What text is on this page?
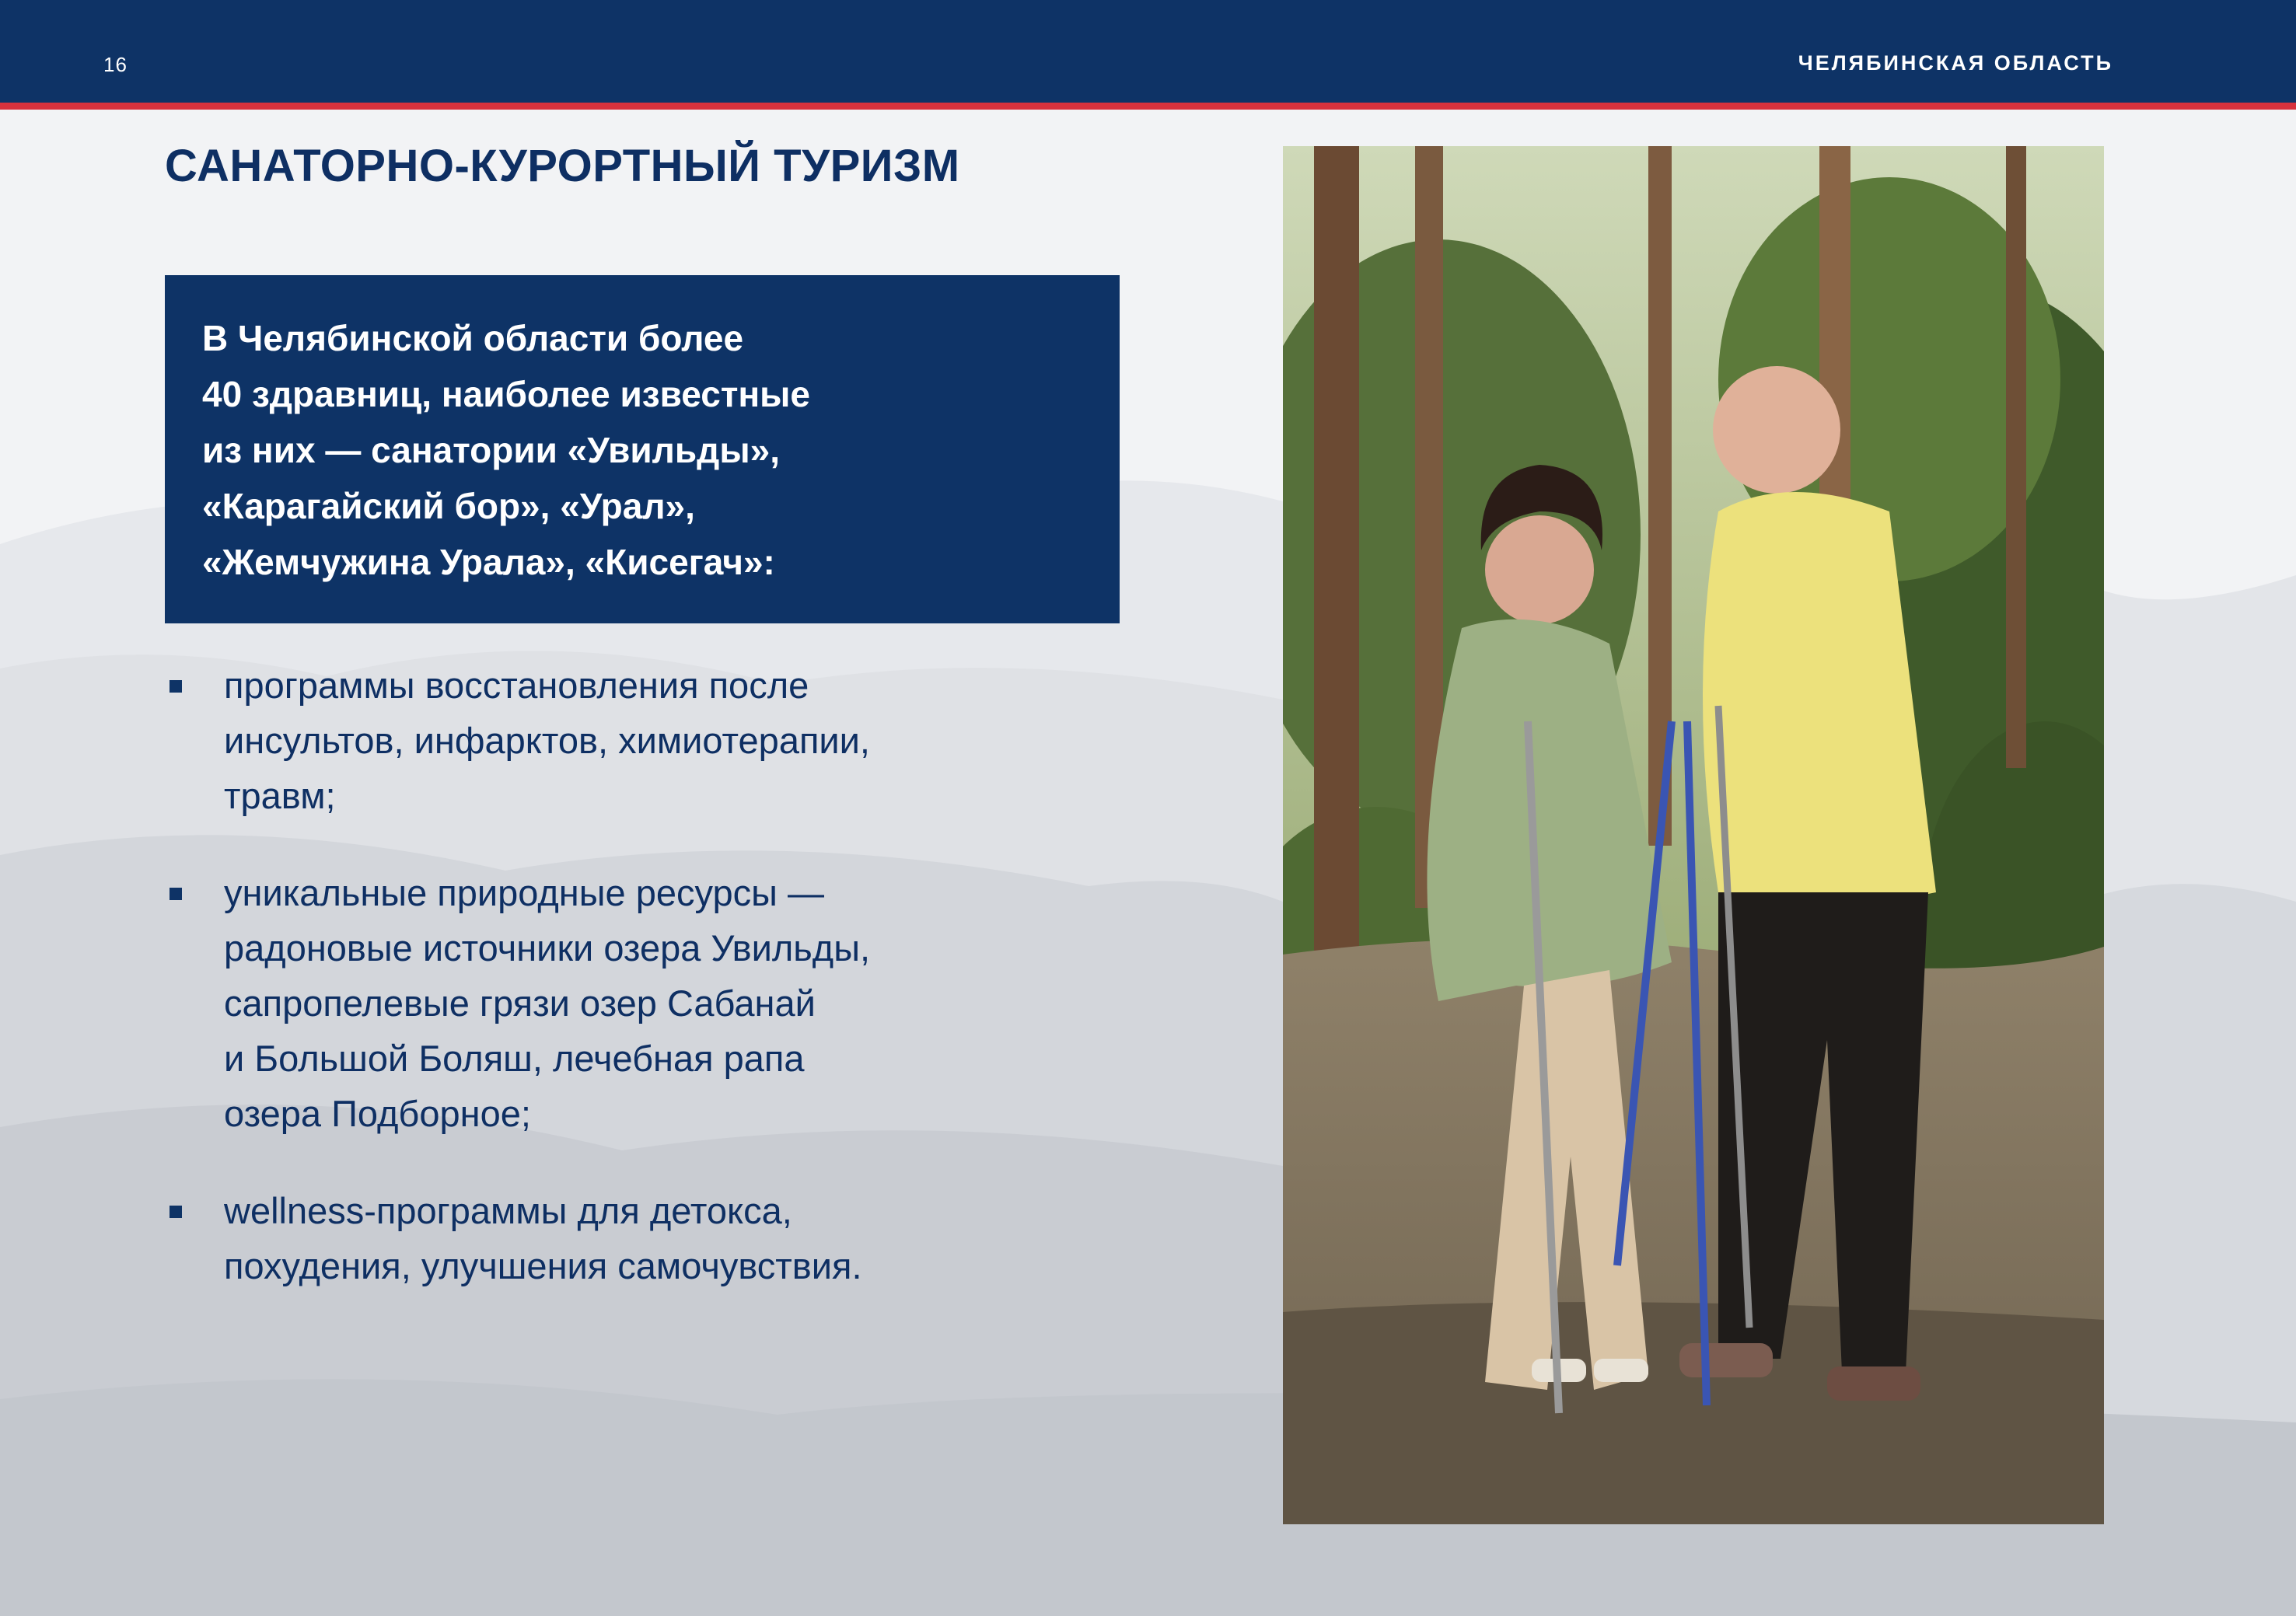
16	ЧЕЛЯБИНСКАЯ ОБЛАСТЬ
САНАТОРНО-КУРОРТНЫЙ ТУРИЗМ

В Челябинской области более
40 здравниц, наиболее известные
из них — санатории «Увильды»,
«Карагайский бор», «Урал»,
«Жемчужина Урала», «Кисегач»:

программы восстановления после
инсультов, инфарктов, химиотерапии,
травм;
уникальные природные ресурсы —
радоновые источники озера Увильды,
сапропелевые грязи озер Сабанай
и Большой Боляш, лечебная рапа
озера Подборное;
wellness-программы для детокса,
похудения, улучшения самочувствия.
